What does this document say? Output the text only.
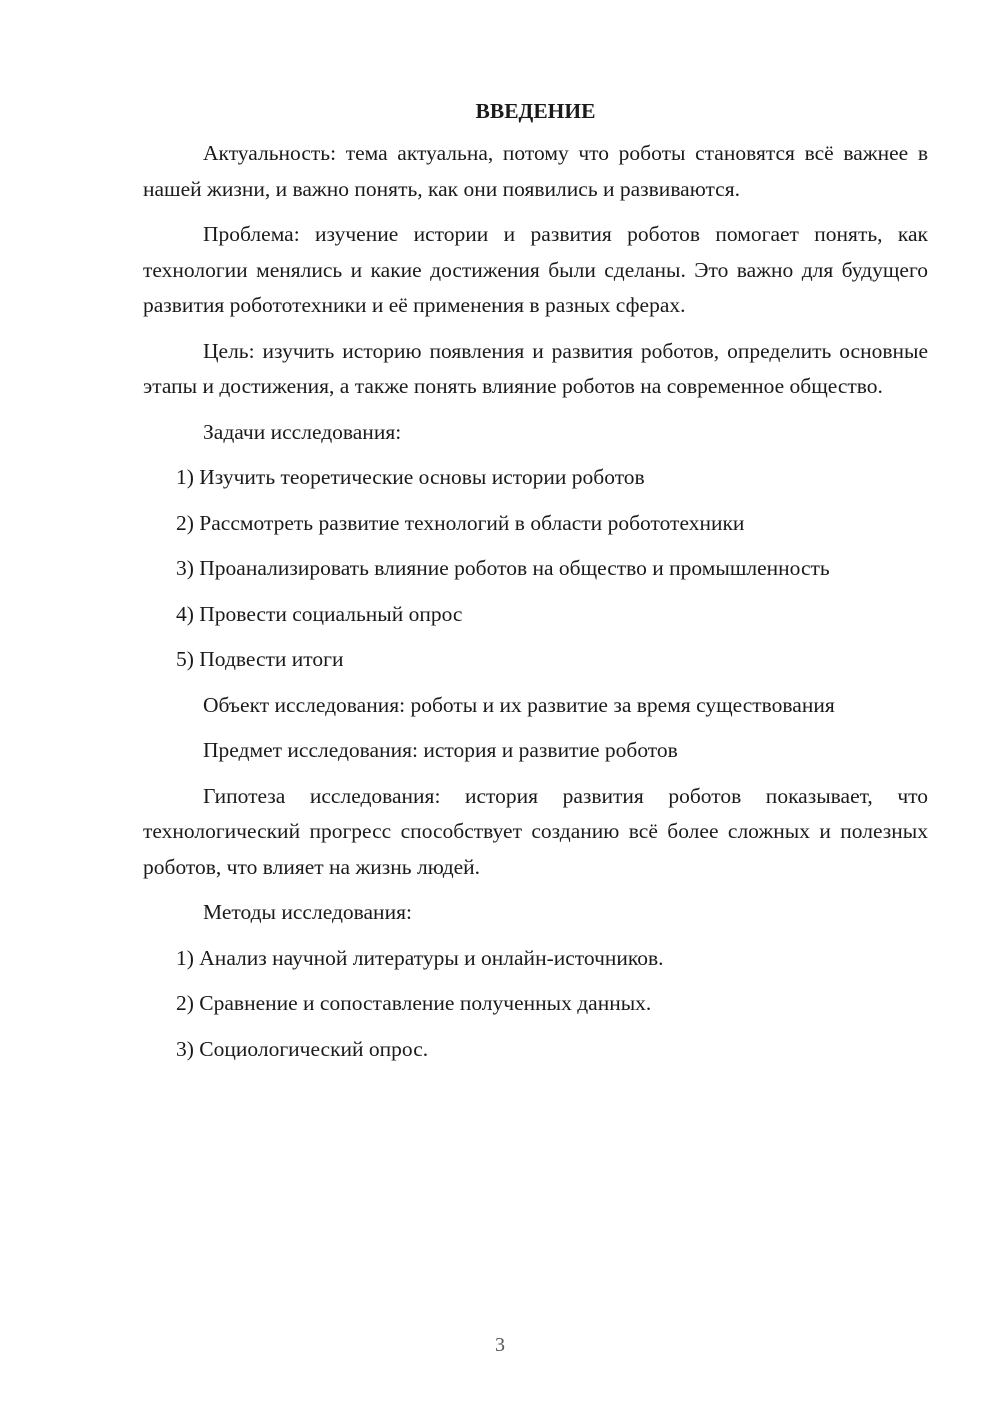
ВВЕДЕНИЕ

Актуальность: тема актуальна, потому что роботы становятся всё важнее в нашей жизни, и важно понять, как они появились и развиваются.

Проблема: изучение истории и развития роботов помогает понять, как технологии менялись и какие достижения были сделаны. Это важно для будущего развития робототехники и её применения в разных сферах.

Цель: изучить историю появления и развития роботов, определить основные этапы и достижения, а также понять влияние роботов на современное общество.

Задачи исследования:

1) Изучить теоретические основы истории роботов

2) Рассмотреть развитие технологий в области робототехники

3) Проанализировать влияние роботов на общество и промышленность

4) Провести социальный опрос

5) Подвести итоги

Объект исследования: роботы и их развитие за время существования

Предмет исследования: история и развитие роботов

Гипотеза исследования: история развития роботов показывает, что технологический прогресс способствует созданию всё более сложных и полезных роботов, что влияет на жизнь людей.

Методы исследования:

1) Анализ научной литературы и онлайн-источников.

2) Сравнение и сопоставление полученных данных.

3) Социологический опрос.

3
